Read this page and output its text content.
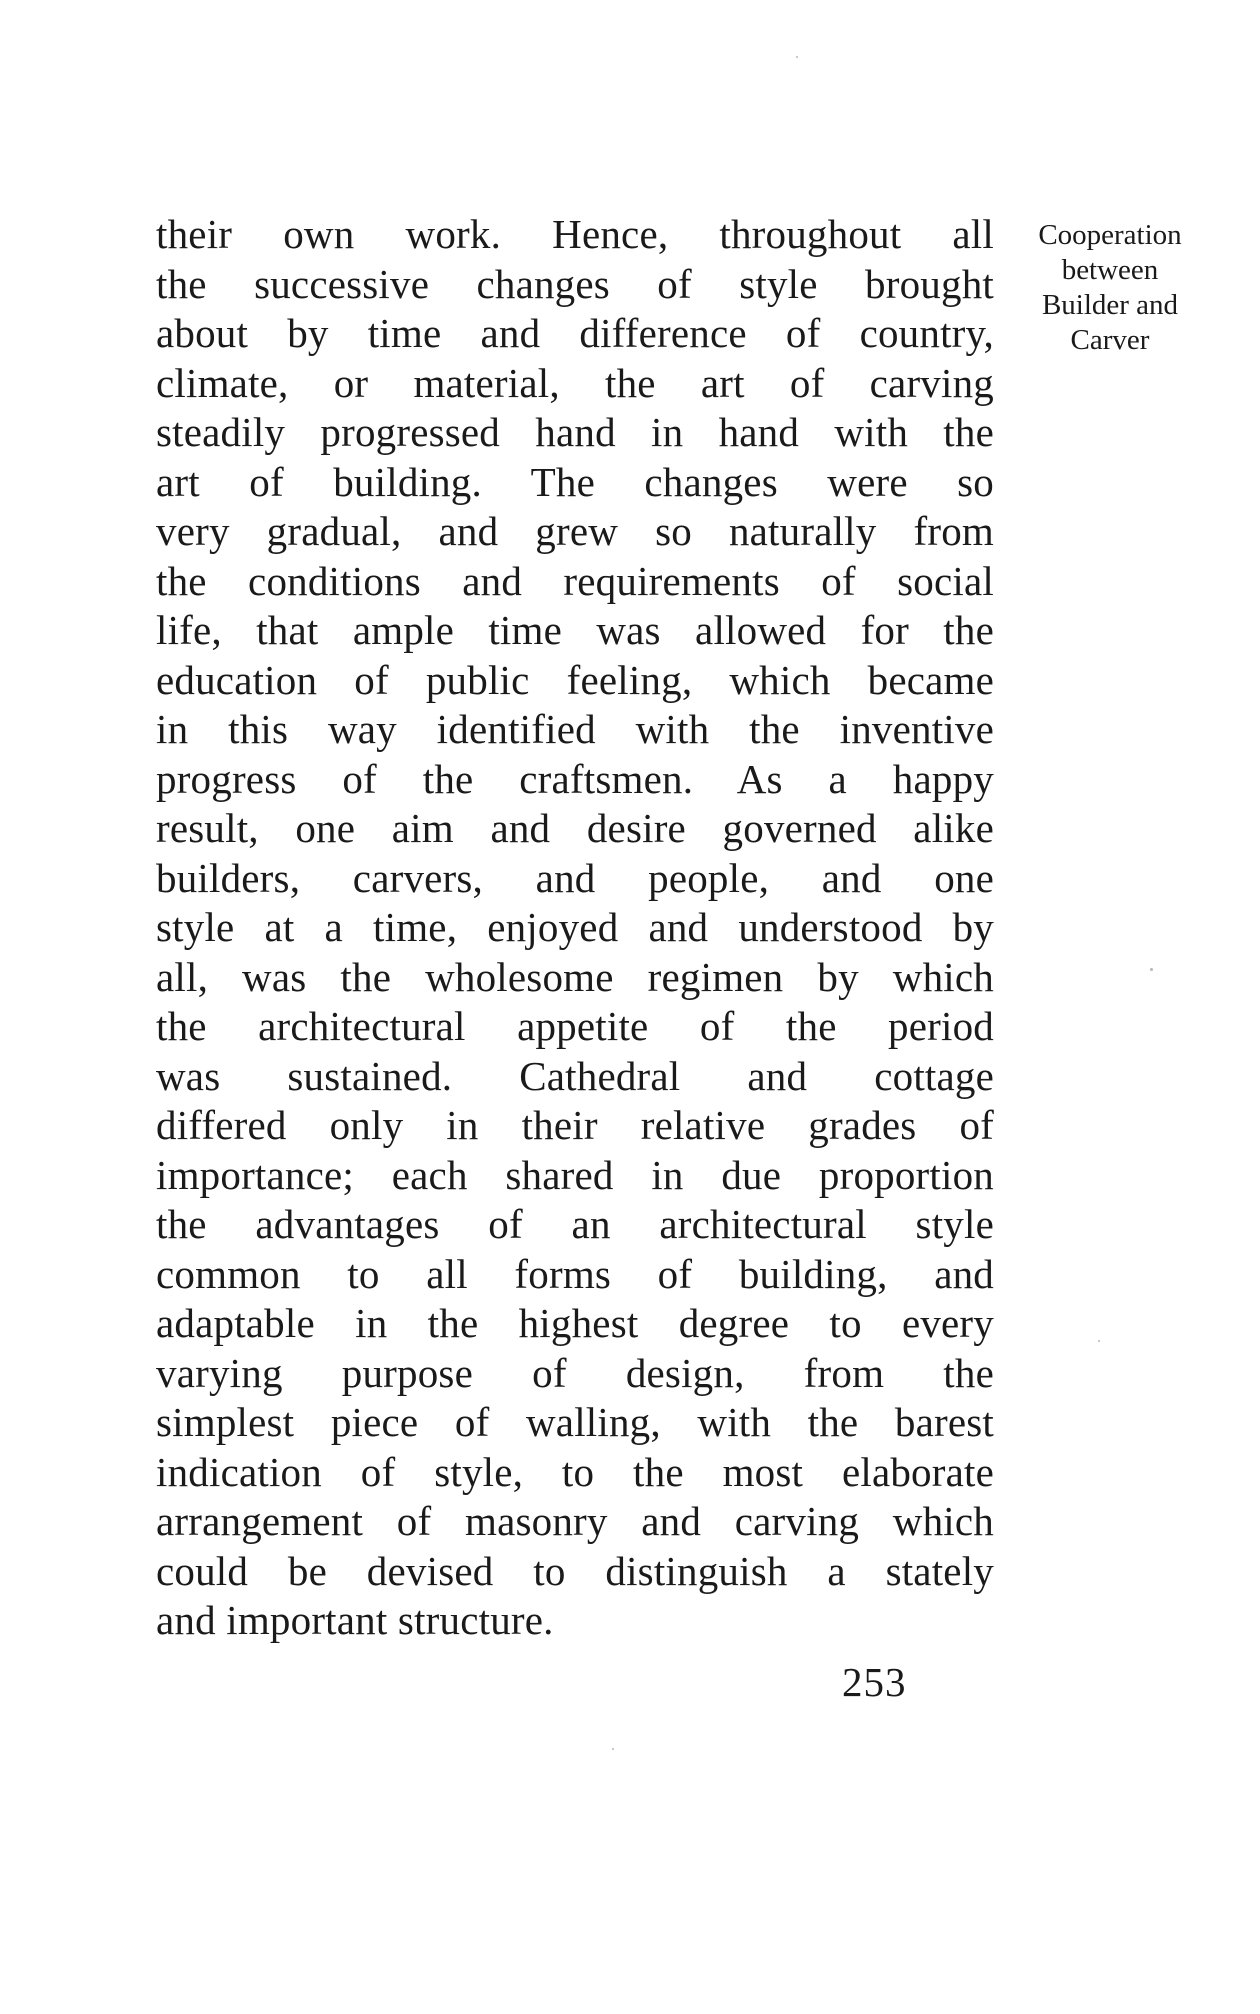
their own work. Hence, throughout all
the successive changes of style brought
about by time and difference of country,
climate, or material, the art of carving
steadily progressed hand in hand with the
art of building. The changes were so
very gradual, and grew so naturally from
the conditions and requirements of social
life, that ample time was allowed for the
education of public feeling, which became
in this way identified with the inventive
progress of the craftsmen. As a happy
result, one aim and desire governed alike
builders, carvers, and people, and one
style at a time, enjoyed and understood by
all, was the wholesome regimen by which
the architectural appetite of the period
was sustained. Cathedral and cottage
differed only in their relative grades of
importance; each shared in due proportion
the advantages of an architectural style
common to all forms of building, and
adaptable in the highest degree to every
varying purpose of design, from the
simplest piece of walling, with the barest
indication of style, to the most elaborate
arrangement of masonry and carving which
could be devised to distinguish a stately
and important structure.
Cooperation
between
Builder and
Carver
253
